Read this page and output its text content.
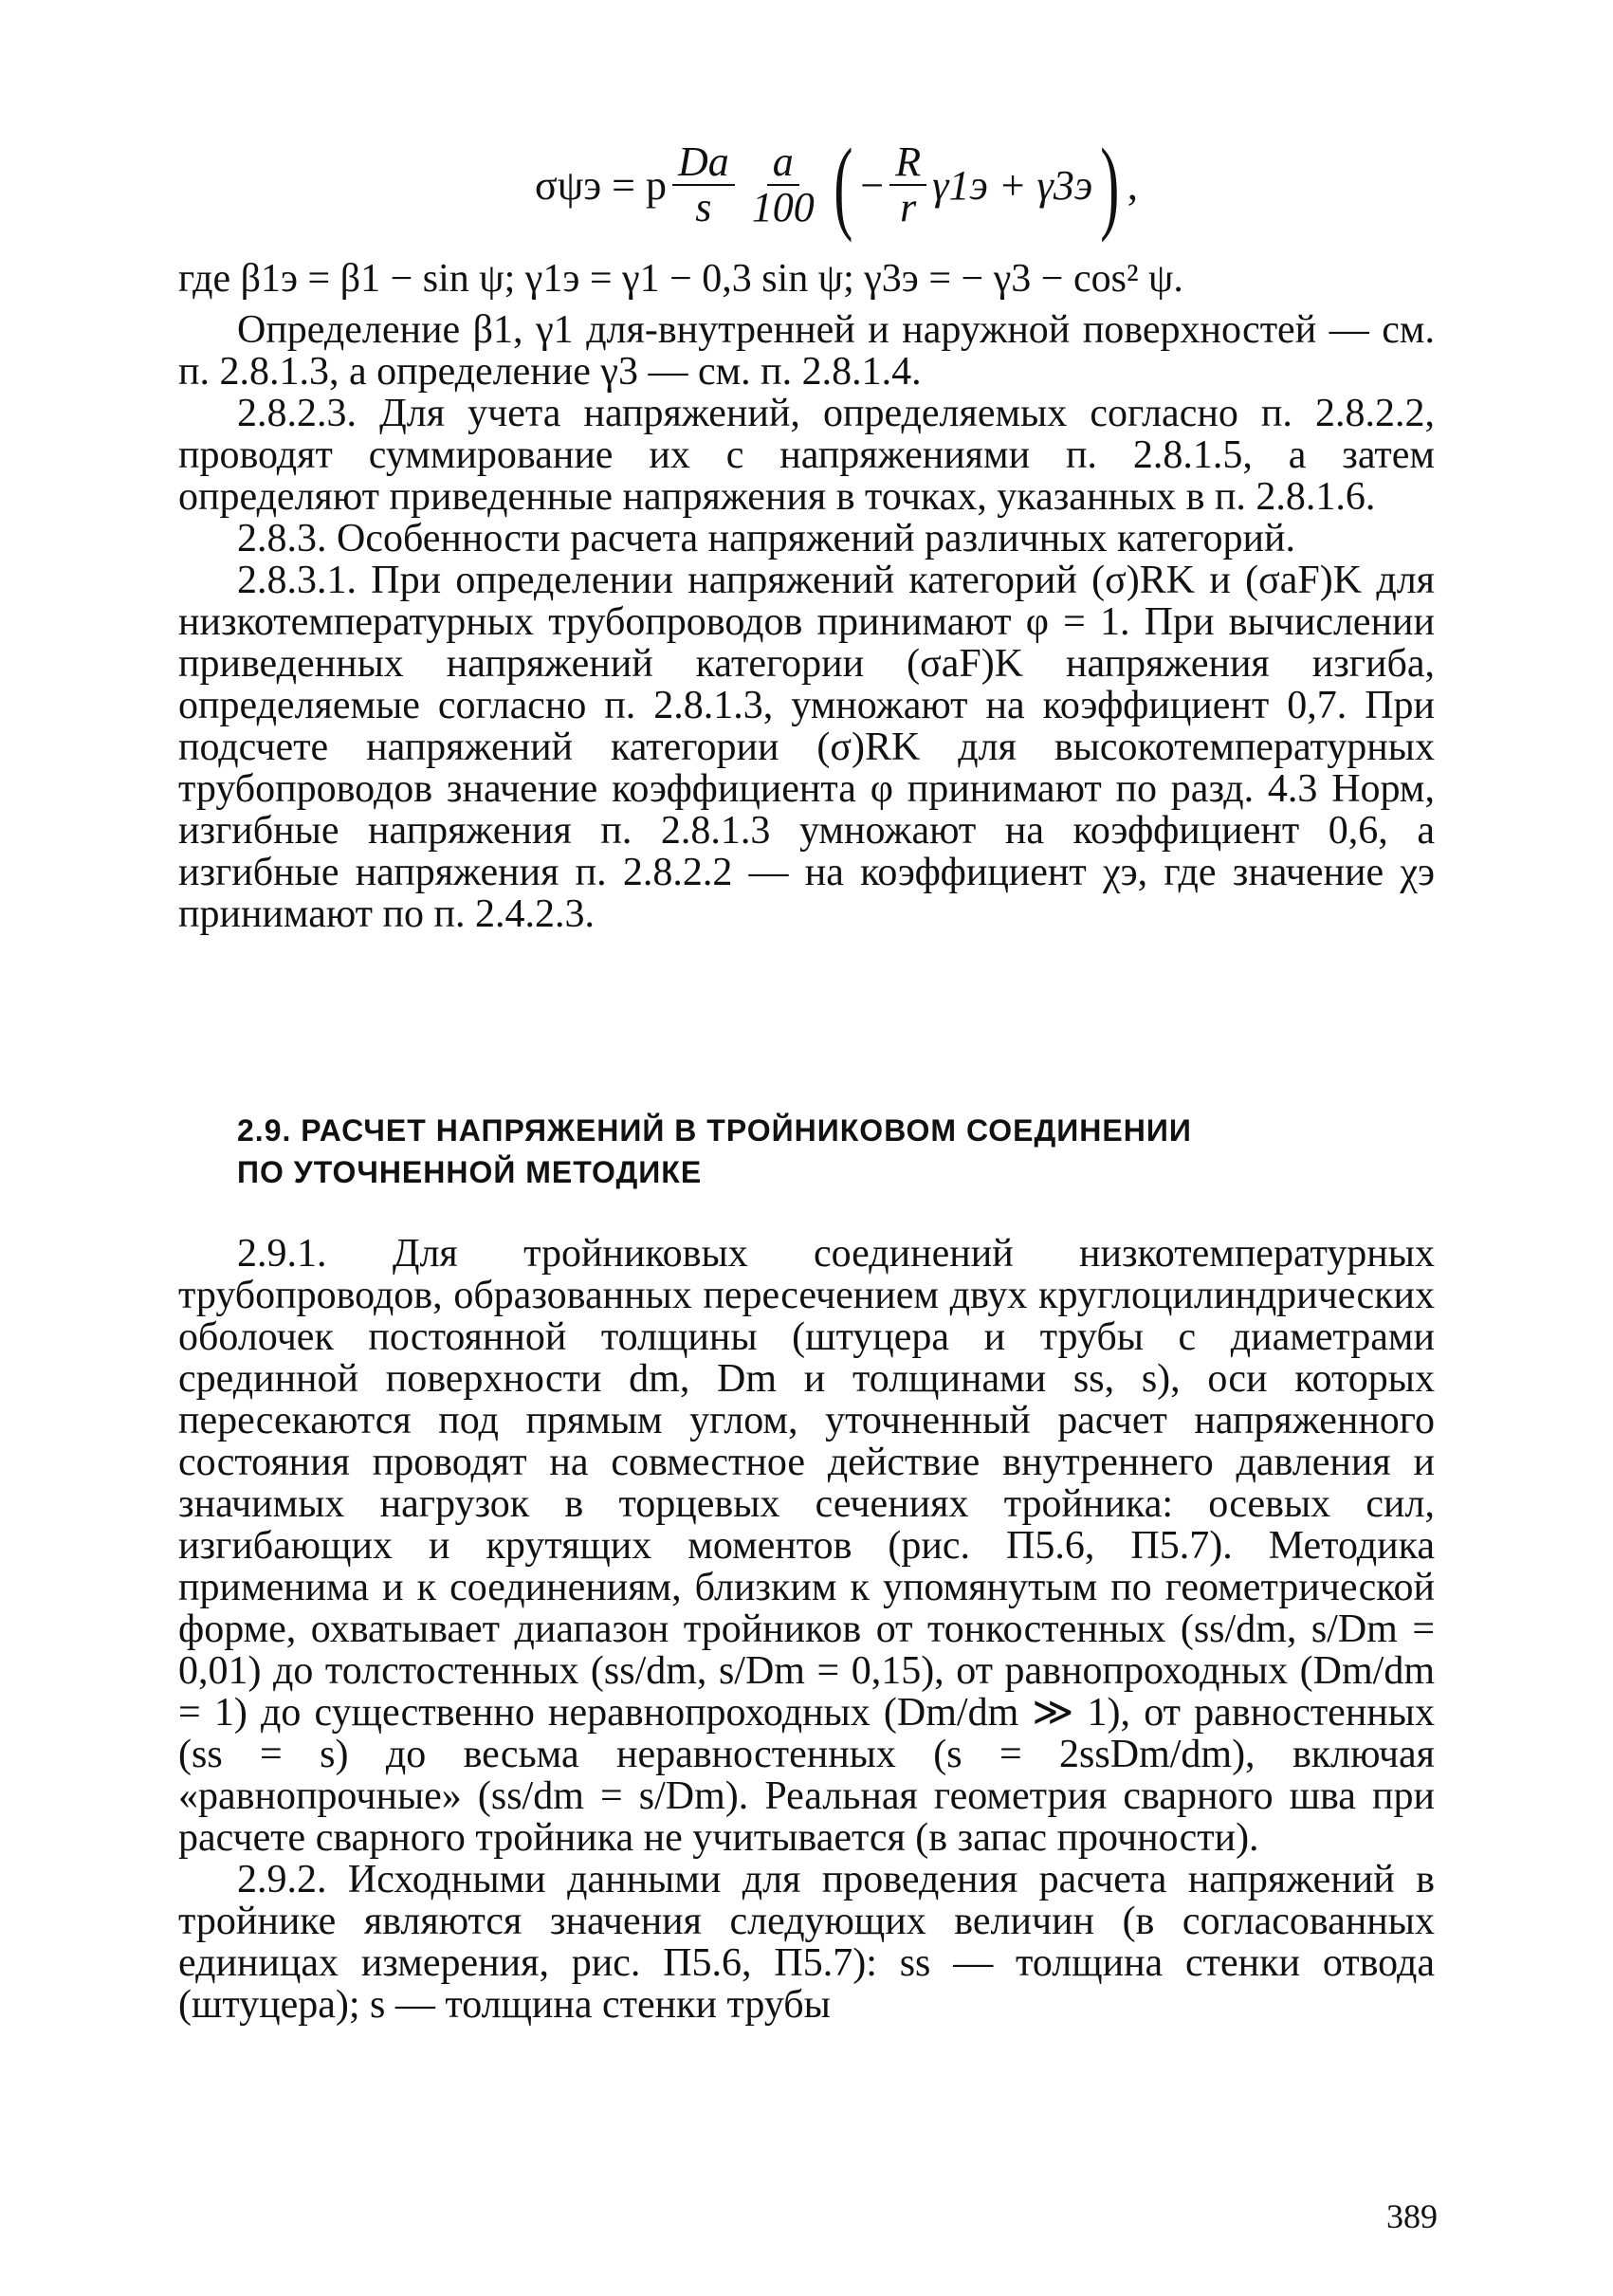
σψэ = p $\frac{Da}{s} \frac{a}{100}$ ( − $\frac{R}{r} \gamma 1э + \gamma 3э$ ) ,

где β1э = β1 − sin ψ; γ1э = γ1 − 0,3 sin ψ; γ3э = − γ3 − cos² ψ.

Определение β1, γ1 для-внутренней и наружной поверхностей — см. п. 2.8.1.3, а определение γ3 — см. п. 2.8.1.4.

2.8.2.3. Для учета напряжений, определяемых согласно п. 2.8.2.2, проводят суммирование их с напряжениями п. 2.8.1.5, а затем определяют приведенные напряжения в точках, указанных в п. 2.8.1.6.

2.8.3. Особенности расчета напряжений различных категорий.

2.8.3.1. При определении напряжений категорий (σ)RK и (σaF)K для низкотемпературных трубопроводов принимают φ = 1. При вычислении приведенных напряжений категории (σaF)K напряжения изгиба, определяемые согласно п. 2.8.1.3, умножают на коэффициент 0,7. При подсчете напряжений категории (σ)RK для высокотемпературных трубопроводов значение коэффициента φ принимают по разд. 4.3 Норм, изгибные напряжения п. 2.8.1.3 умножают на коэффициент 0,6, а изгибные напряжения п. 2.8.2.2 — на коэффициент χэ, где значение χэ принимают по п. 2.4.2.3.

2.9. РАСЧЕТ НАПРЯЖЕНИЙ В ТРОЙНИКОВОМ СОЕДИНЕНИИ
ПО УТОЧНЕННОЙ МЕТОДИКЕ

2.9.1. Для тройниковых соединений низкотемпературных трубопроводов, образованных пересечением двух круглоцилиндрических оболочек постоянной толщины (штуцера и трубы с диаметрами срединной поверхности dm, Dm и толщинами ss, s), оси которых пересекаются под прямым углом, уточненный расчет напряженного состояния проводят на совместное действие внутреннего давления и значимых нагрузок в торцевых сечениях тройника: осевых сил, изгибающих и крутящих моментов (рис. П5.6, П5.7). Методика применима и к соединениям, близким к упомянутым по геометрической форме, охватывает диапазон тройников от тонкостенных (ss/dm, s/Dm = 0,01) до толстостенных (ss/dm, s/Dm = 0,15), от равнопроходных (Dm/dm = 1) до существенно неравнопроходных (Dm/dm ≫ 1), от равностенных (ss = s) до весьма неравностенных (s = 2ssDm/dm), включая «равнопрочные» (ss/dm = s/Dm). Реальная геометрия сварного шва при расчете сварного тройника не учитывается (в запас прочности).

2.9.2. Исходными данными для проведения расчета напряжений в тройнике являются значения следующих величин (в согласованных единицах измерения, рис. П5.6, П5.7): ss — толщина стенки отвода (штуцера); s — толщина стенки трубы

389
